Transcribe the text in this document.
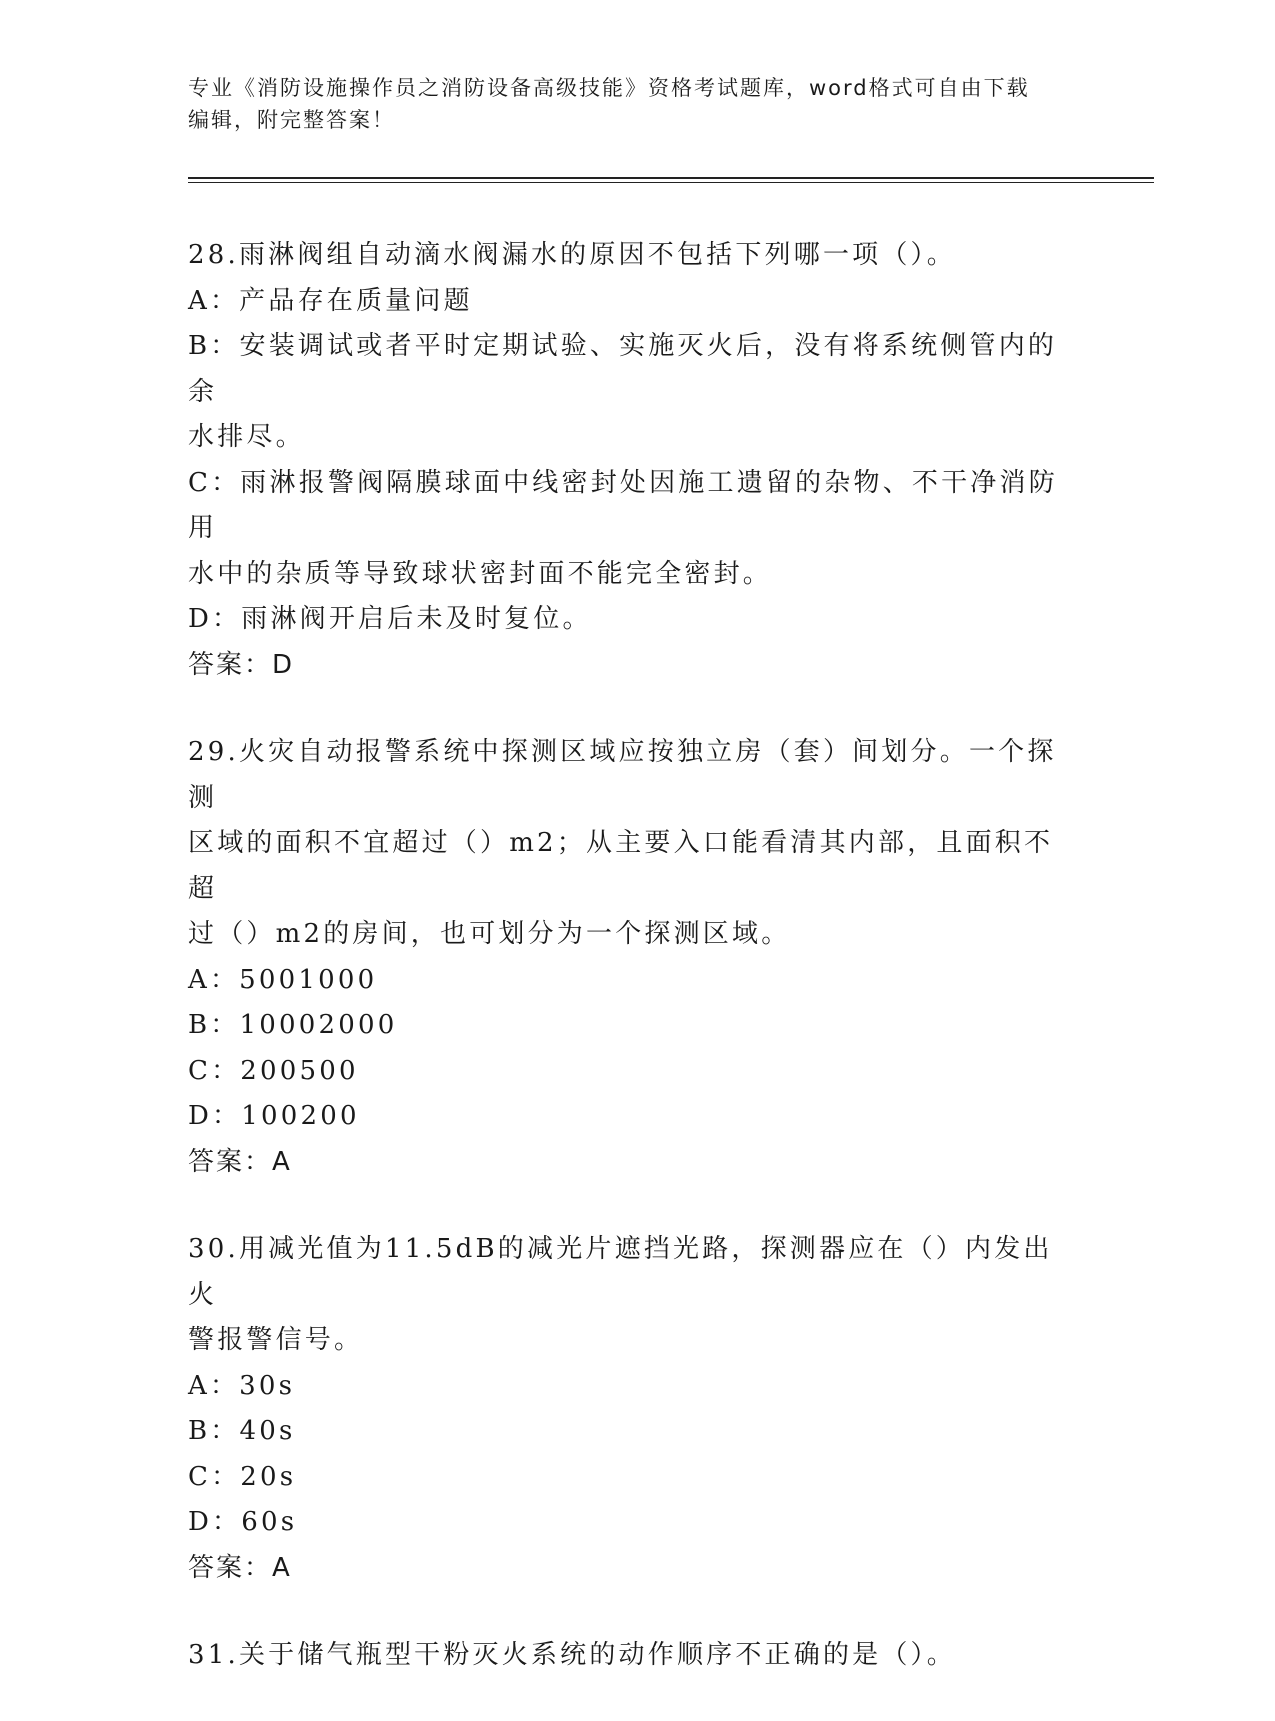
专业《消防设施操作员之消防设备高级技能》资格考试题库，word格式可自由下载编辑，附完整答案！

28.雨淋阀组自动滴水阀漏水的原因不包括下列哪一项（）。

A：产品存在质量问题

B：安装调试或者平时定期试验、实施灭火后，没有将系统侧管内的余

水排尽。

C：雨淋报警阀隔膜球面中线密封处因施工遗留的杂物、不干净消防用

水中的杂质等导致球状密封面不能完全密封。

D：雨淋阀开启后未及时复位。

答案：D

29.火灾自动报警系统中探测区域应按独立房（套）间划分。一个探测

区域的面积不宜超过（）m2；从主要入口能看清其内部，且面积不超

过（）m2的房间，也可划分为一个探测区域。

A：5001000

B：10002000

C：200500

D：100200

答案：A

30.用减光值为11.5dB的减光片遮挡光路，探测器应在（）内发出火

警报警信号。

A：30s

B：40s

C：20s

D：60s

答案：A

31.关于储气瓶型干粉灭火系统的动作顺序不正确的是（）。
